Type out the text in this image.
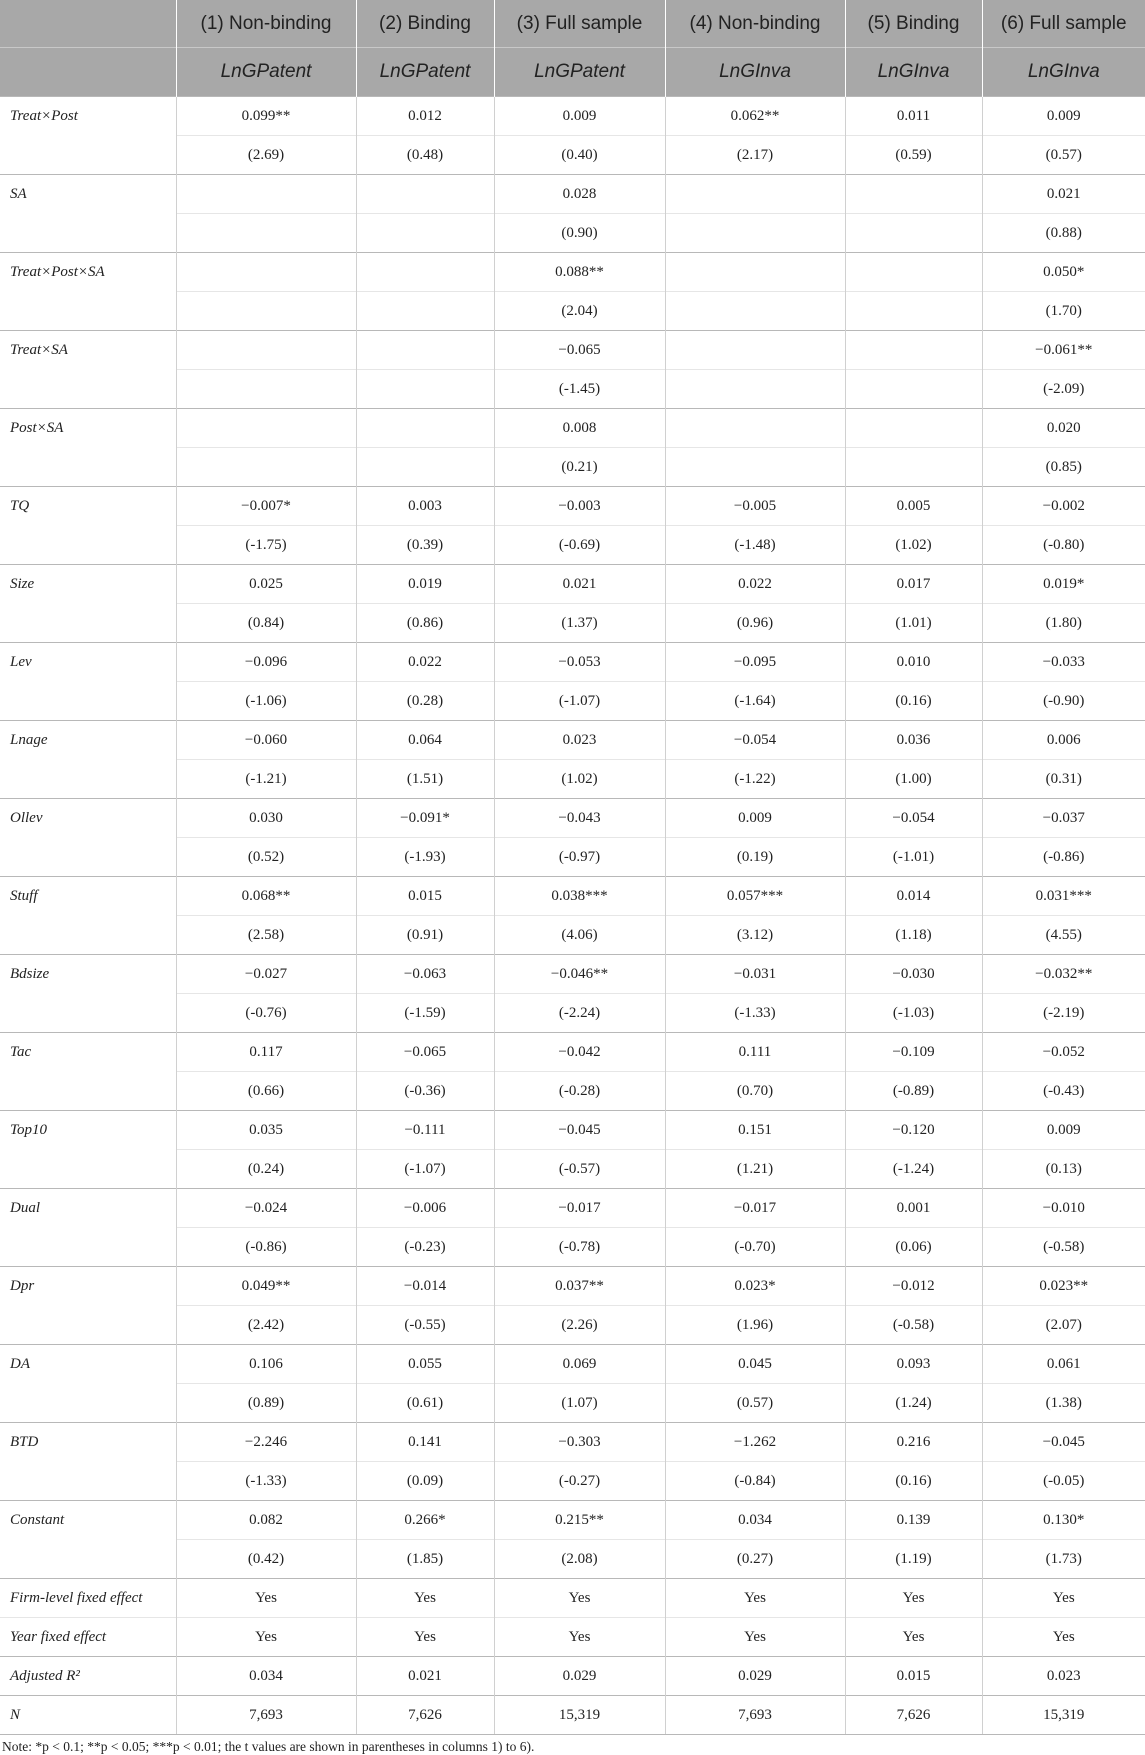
	(1) Non-binding	(2) Binding	(3) Full sample	(4) Non-binding	(5) Binding	(6) Full sample
	LnGPatent	LnGPatent	LnGPatent	LnGInva	LnGInva	LnGInva
Treat×Post	0.099**	0.012	0.009	0.062**	0.011	0.009
	(2.69)	(0.48)	(0.40)	(2.17)	(0.59)	(0.57)
SA			0.028			0.021
			(0.90)			(0.88)
Treat×Post×SA			0.088**			0.050*
			(2.04)			(1.70)
Treat×SA			−0.065			−0.061**
			(-1.45)			(-2.09)
Post×SA			0.008			0.020
			(0.21)			(0.85)
TQ	−0.007*	0.003	−0.003	−0.005	0.005	−0.002
	(-1.75)	(0.39)	(-0.69)	(-1.48)	(1.02)	(-0.80)
Size	0.025	0.019	0.021	0.022	0.017	0.019*
	(0.84)	(0.86)	(1.37)	(0.96)	(1.01)	(1.80)
Lev	−0.096	0.022	−0.053	−0.095	0.010	−0.033
	(-1.06)	(0.28)	(-1.07)	(-1.64)	(0.16)	(-0.90)
Lnage	−0.060	0.064	0.023	−0.054	0.036	0.006
	(-1.21)	(1.51)	(1.02)	(-1.22)	(1.00)	(0.31)
Ollev	0.030	−0.091*	−0.043	0.009	−0.054	−0.037
	(0.52)	(-1.93)	(-0.97)	(0.19)	(-1.01)	(-0.86)
Stuff	0.068**	0.015	0.038***	0.057***	0.014	0.031***
	(2.58)	(0.91)	(4.06)	(3.12)	(1.18)	(4.55)
Bdsize	−0.027	−0.063	−0.046**	−0.031	−0.030	−0.032**
	(-0.76)	(-1.59)	(-2.24)	(-1.33)	(-1.03)	(-2.19)
Tac	0.117	−0.065	−0.042	0.111	−0.109	−0.052
	(0.66)	(-0.36)	(-0.28)	(0.70)	(-0.89)	(-0.43)
Top10	0.035	−0.111	−0.045	0.151	−0.120	0.009
	(0.24)	(-1.07)	(-0.57)	(1.21)	(-1.24)	(0.13)
Dual	−0.024	−0.006	−0.017	−0.017	0.001	−0.010
	(-0.86)	(-0.23)	(-0.78)	(-0.70)	(0.06)	(-0.58)
Dpr	0.049**	−0.014	0.037**	0.023*	−0.012	0.023**
	(2.42)	(-0.55)	(2.26)	(1.96)	(-0.58)	(2.07)
DA	0.106	0.055	0.069	0.045	0.093	0.061
	(0.89)	(0.61)	(1.07)	(0.57)	(1.24)	(1.38)
BTD	−2.246	0.141	−0.303	−1.262	0.216	−0.045
	(-1.33)	(0.09)	(-0.27)	(-0.84)	(0.16)	(-0.05)
Constant	0.082	0.266*	0.215**	0.034	0.139	0.130*
	(0.42)	(1.85)	(2.08)	(0.27)	(1.19)	(1.73)
Firm-level fixed effect	Yes	Yes	Yes	Yes	Yes	Yes
Year fixed effect	Yes	Yes	Yes	Yes	Yes	Yes
Adjusted R²	0.034	0.021	0.029	0.029	0.015	0.023
N	7,693	7,626	15,319	7,693	7,626	15,319
Note: *p < 0.1; **p < 0.05; ***p < 0.01; the t values are shown in parentheses in columns 1) to 6).
